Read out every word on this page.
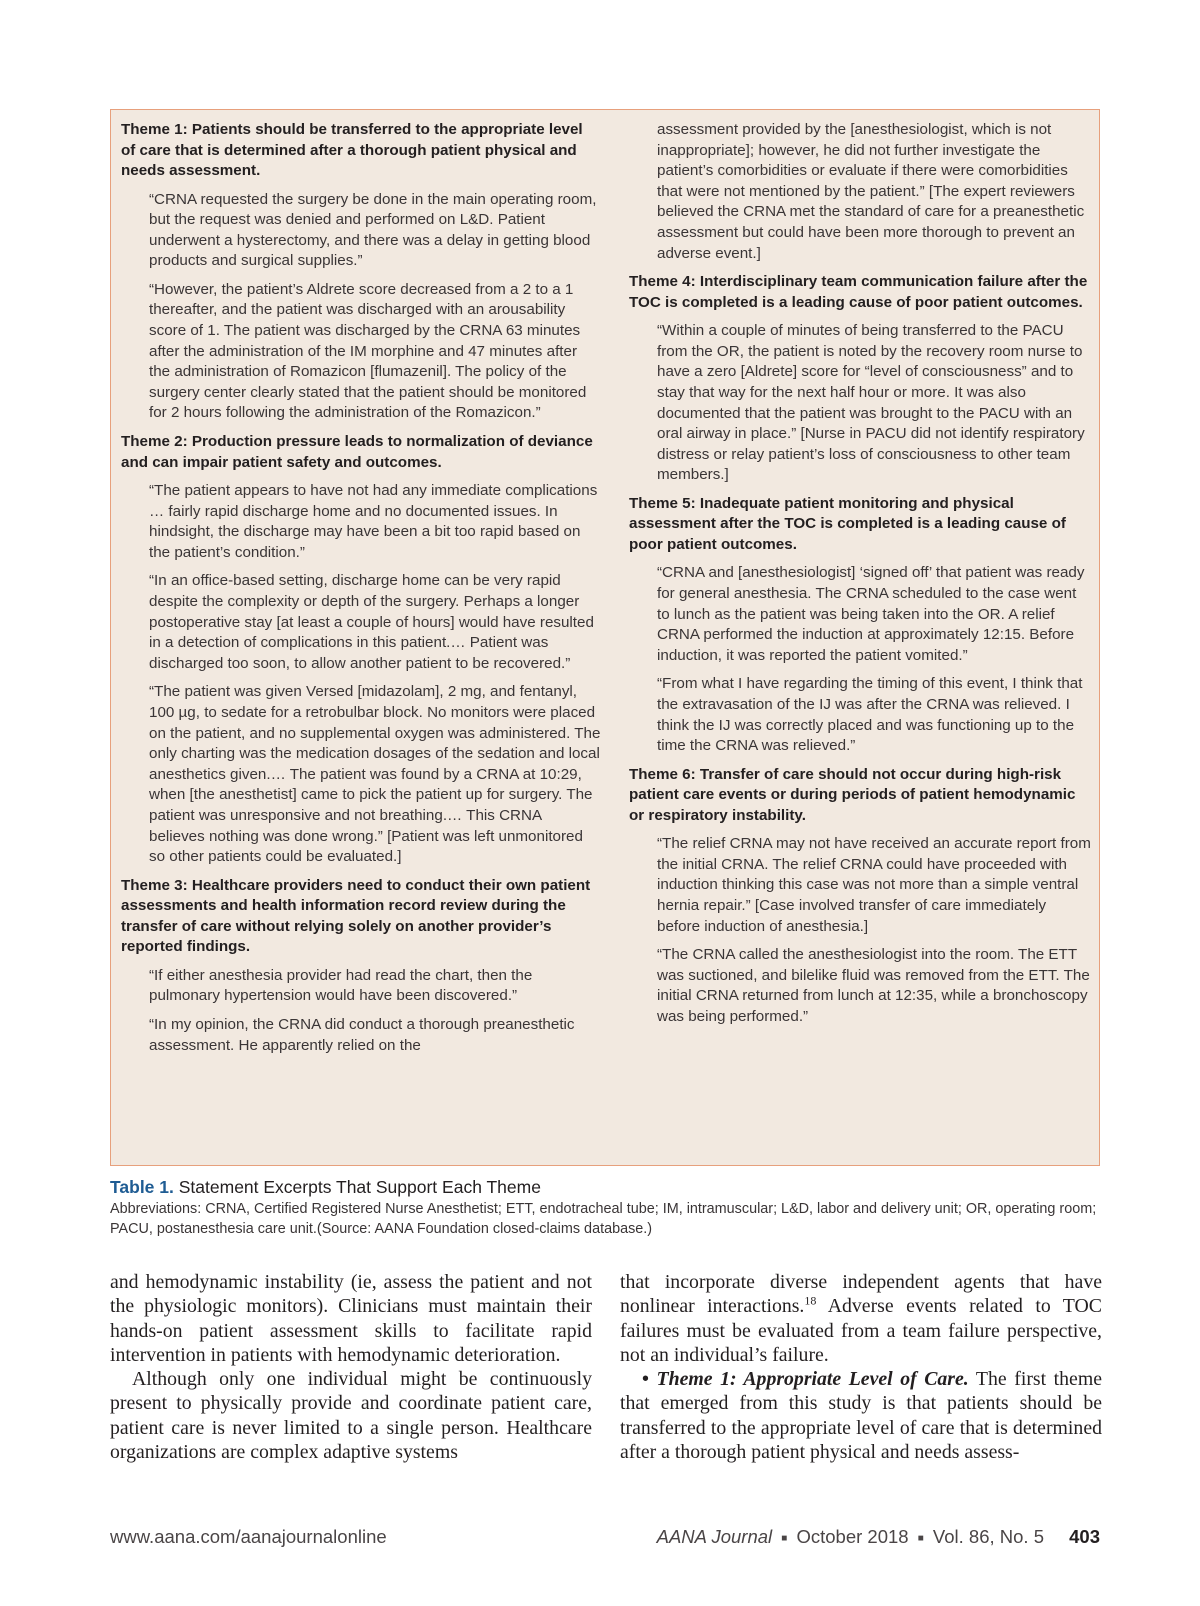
Theme 1: Patients should be transferred to the appropriate level of care that is determined after a thorough patient physical and needs assessment.
“CRNA requested the surgery be done in the main operating room, but the request was denied and performed on L&D. Patient underwent a hysterectomy, and there was a delay in getting blood products and surgical supplies.”
“However, the patient’s Aldrete score decreased from a 2 to a 1 thereafter, and the patient was discharged with an arousability score of 1. The patient was discharged by the CRNA 63 minutes after the administration of the IM morphine and 47 minutes after the administration of Romazicon [flumazenil]. The policy of the surgery center clearly stated that the patient should be monitored for 2 hours following the administration of the Romazicon.”
Theme 2: Production pressure leads to normalization of deviance and can impair patient safety and outcomes.
“The patient appears to have not had any immediate complications … fairly rapid discharge home and no documented issues. In hindsight, the discharge may have been a bit too rapid based on the patient’s condition.”
“In an office-based setting, discharge home can be very rapid despite the complexity or depth of the surgery. Perhaps a longer postoperative stay [at least a couple of hours] would have resulted in a detection of complications in this patient.… Patient was discharged too soon, to allow another patient to be recovered.”
“The patient was given Versed [midazolam], 2 mg, and fentanyl, 100 µg, to sedate for a retrobulbar block. No monitors were placed on the patient, and no supplemental oxygen was administered. The only charting was the medication dosages of the sedation and local anesthetics given.… The patient was found by a CRNA at 10:29, when [the anesthetist] came to pick the patient up for surgery. The patient was unresponsive and not breathing.… This CRNA believes nothing was done wrong.” [Patient was left unmonitored so other patients could be evaluated.]
Theme 3: Healthcare providers need to conduct their own patient assessments and health information record review during the transfer of care without relying solely on another provider’s reported findings.
“If either anesthesia provider had read the chart, then the pulmonary hypertension would have been discovered.”
“In my opinion, the CRNA did conduct a thorough preanesthetic assessment. He apparently relied on the
assessment provided by the [anesthesiologist, which is not inappropriate]; however, he did not further investigate the patient’s comorbidities or evaluate if there were comorbidities that were not mentioned by the patient.” [The expert reviewers believed the CRNA met the standard of care for a preanesthetic assessment but could have been more thorough to prevent an adverse event.]
Theme 4: Interdisciplinary team communication failure after the TOC is completed is a leading cause of poor patient outcomes.
“Within a couple of minutes of being transferred to the PACU from the OR, the patient is noted by the recovery room nurse to have a zero [Aldrete] score for “level of consciousness” and to stay that way for the next half hour or more. It was also documented that the patient was brought to the PACU with an oral airway in place.” [Nurse in PACU did not identify respiratory distress or relay patient’s loss of consciousness to other team members.]
Theme 5: Inadequate patient monitoring and physical assessment after the TOC is completed is a leading cause of poor patient outcomes.
“CRNA and [anesthesiologist] ‘signed off’ that patient was ready for general anesthesia. The CRNA scheduled to the case went to lunch as the patient was being taken into the OR. A relief CRNA performed the induction at approximately 12:15. Before induction, it was reported the patient vomited.”
“From what I have regarding the timing of this event, I think that the extravasation of the IJ was after the CRNA was relieved. I think the IJ was correctly placed and was functioning up to the time the CRNA was relieved.”
Theme 6: Transfer of care should not occur during high-risk patient care events or during periods of patient hemodynamic or respiratory instability.
“The relief CRNA may not have received an accurate report from the initial CRNA. The relief CRNA could have proceeded with induction thinking this case was not more than a simple ventral hernia repair.” [Case involved transfer of care immediately before induction of anesthesia.]
“The CRNA called the anesthesiologist into the room. The ETT was suctioned, and bilelike fluid was removed from the ETT. The initial CRNA returned from lunch at 12:35, while a bronchoscopy was being performed.”
Table 1. Statement Excerpts That Support Each Theme
Abbreviations: CRNA, Certified Registered Nurse Anesthetist; ETT, endotracheal tube; IM, intramuscular; L&D, labor and delivery unit; OR, operating room; PACU, postanesthesia care unit.(Source: AANA Foundation closed-claims database.)

and hemodynamic instability (ie, assess the patient and not the physiologic monitors). Clinicians must maintain their hands-on patient assessment skills to facilitate rapid intervention in patients with hemodynamic deterioration.

Although only one individual might be continuously present to physically provide and coordinate patient care, patient care is never limited to a single person. Healthcare organizations are complex adaptive systems

that incorporate diverse independent agents that have nonlinear interactions.$^{18}$ Adverse events related to TOC failures must be evaluated from a team failure perspective, not an individual’s failure.

• Theme 1: Appropriate Level of Care. The first theme that emerged from this study is that patients should be transferred to the appropriate level of care that is determined after a thorough patient physical and needs assess-

www.aana.com/aanajournalonline	AANA Journal ■ October 2018 ■ Vol. 86, No. 5 403
